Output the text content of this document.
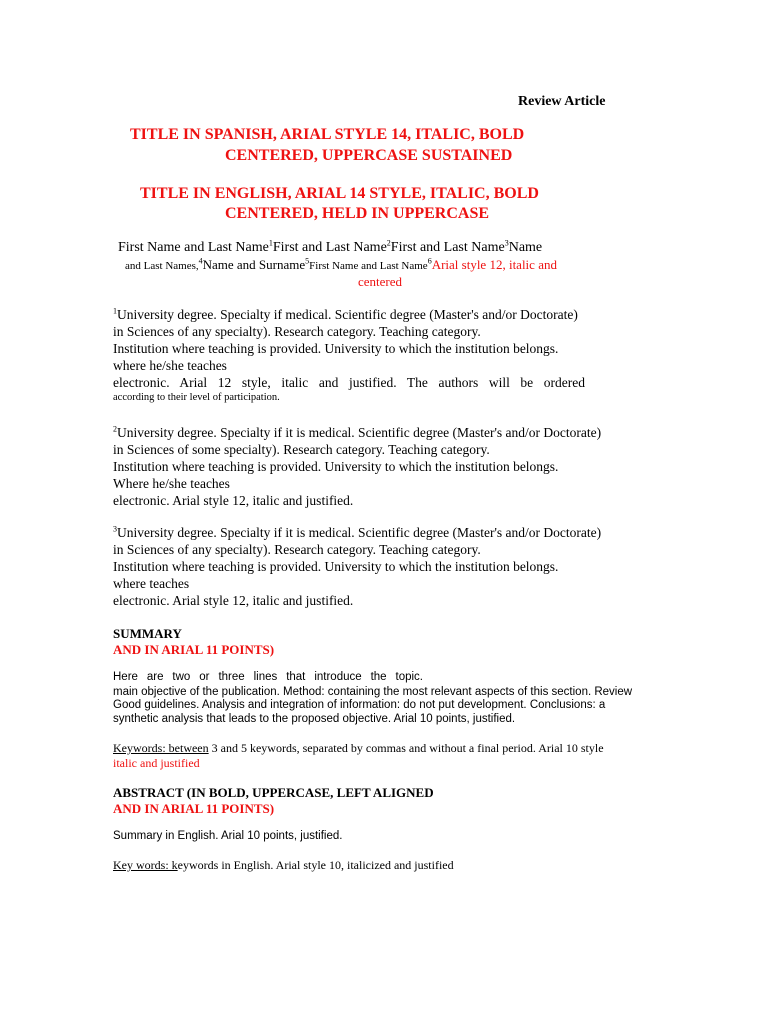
Review Article
TITLE IN SPANISH, ARIAL STYLE 14, ITALIC, BOLD
CENTERED, UPPERCASE SUSTAINED
TITLE IN ENGLISH, ARIAL 14 STYLE, ITALIC, BOLD
CENTERED, HELD IN UPPERCASE
First Name and Last Name$^1$First and Last Name$^2$First and Last Name$^3$Name
and Last Names,$^4$Name and Surname$^5$First Name and Last Name$^6$Arial style 12, italic and
centered
$^1$University degree. Specialty if medical. Scientific degree (Master's and/or Doctorate)
in Sciences of any specialty). Research category. Teaching category.
Institution where teaching is provided. University to which the institution belongs.
where he/she teaches
electronic. Arial 12 style, italic and justified. The authors will be ordered
according to their level of participation.
$^2$University degree. Specialty if it is medical. Scientific degree (Master's and/or Doctorate)
in Sciences of some specialty). Research category. Teaching category.
Institution where teaching is provided. University to which the institution belongs.
Where he/she teaches
electronic. Arial style 12, italic and justified.
$^3$University degree. Specialty if it is medical. Scientific degree (Master's and/or Doctorate)
in Sciences of any specialty). Research category. Teaching category.
Institution where teaching is provided. University to which the institution belongs.
where teaches
electronic. Arial style 12, italic and justified.
SUMMARY
AND IN ARIAL 11 POINTS)
Here are two or three lines that introduce the topic.
main objective of the publication. Method: containing the most relevant aspects of this section. Review
Good guidelines. Analysis and integration of information: do not put development. Conclusions: a
synthetic analysis that leads to the proposed objective. Arial 10 points, justified.
Keywords: between 3 and 5 keywords, separated by commas and without a final period. Arial 10 style
italic and justified
ABSTRACT (IN BOLD, UPPERCASE, LEFT ALIGNED
AND IN ARIAL 11 POINTS)
Summary in English. Arial 10 points, justified.
Key words: keywords in English. Arial style 10, italicized and justified
